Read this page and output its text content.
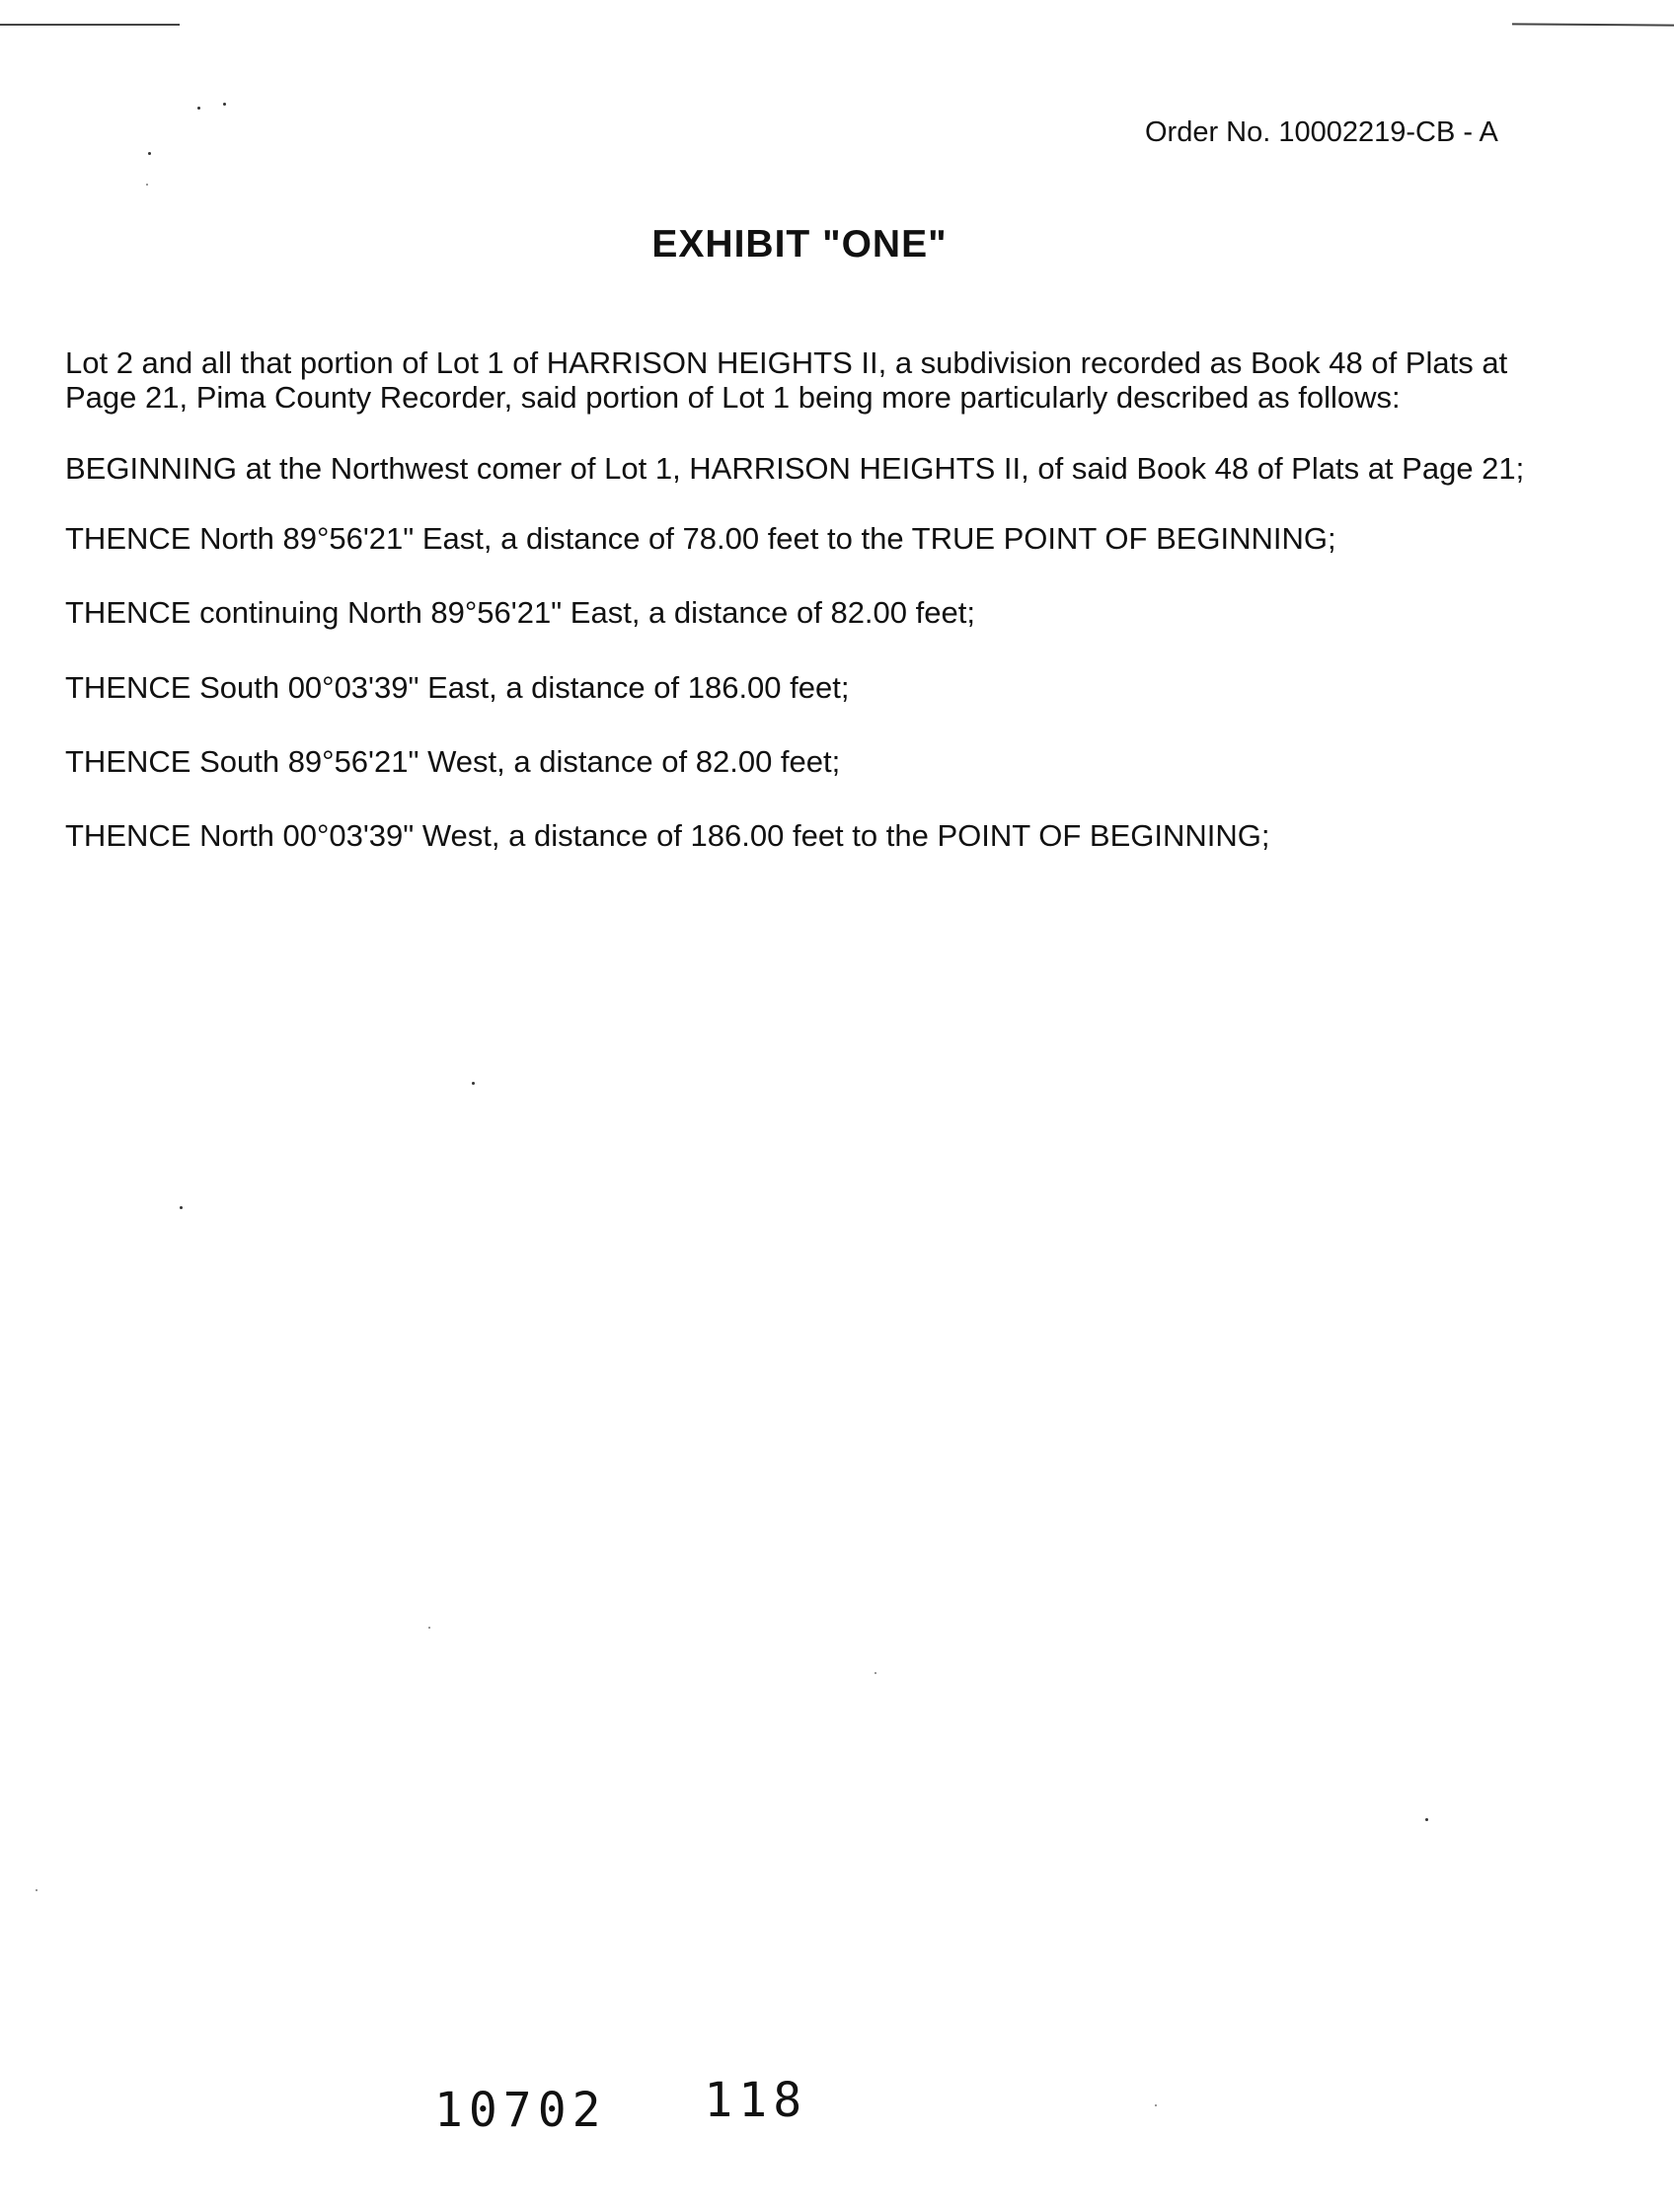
Order No. 10002219-CB - A
EXHIBIT "ONE"

Lot 2 and all that portion of Lot 1 of HARRISON HEIGHTS II, a subdivision recorded as Book 48 of Plats at Page 21, Pima County Recorder, said portion of Lot 1 being more particularly described as follows:

BEGINNING at the Northwest comer of Lot 1, HARRISON HEIGHTS II, of said Book 48 of Plats at Page 21;

THENCE North 89°56'21" East, a distance of 78.00 feet to the TRUE POINT OF BEGINNING;

THENCE continuing North 89°56'21" East, a distance of 82.00 feet;

THENCE South 00°03'39" East, a distance of 186.00 feet;

THENCE South 89°56'21" West, a distance of 82.00 feet;

THENCE North 00°03'39" West, a distance of 186.00 feet to the POINT OF BEGINNING;

10702 118
